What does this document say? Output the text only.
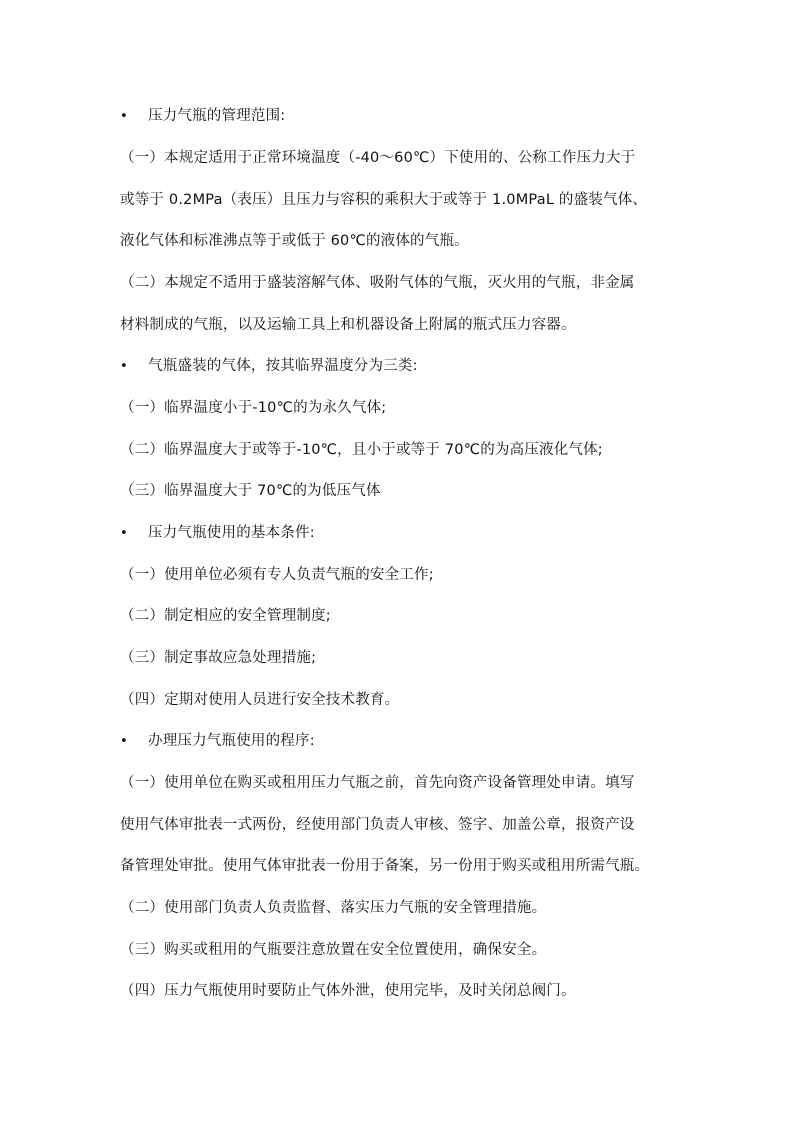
• 压力气瓶的管理范围:
（一）本规定适用于正常环境温度（-40～60℃）下使用的、公称工作压力大于
或等于 0.2MPa（表压）且压力与容积的乘积大于或等于 1.0MPaL 的盛装气体、
液化气体和标准沸点等于或低于 60℃的液体的气瓶。
（二）本规定不适用于盛装溶解气体、吸附气体的气瓶，灭火用的气瓶，非金属
材料制成的气瓶，以及运输工具上和机器设备上附属的瓶式压力容器。
• 气瓶盛装的气体，按其临界温度分为三类:
（一）临界温度小于-10℃的为永久气体;
（二）临界温度大于或等于-10℃，且小于或等于 70℃的为高压液化气体;
（三）临界温度大于 70℃的为低压气体
• 压力气瓶使用的基本条件:
（一）使用单位必须有专人负责气瓶的安全工作;
（二）制定相应的安全管理制度;
（三）制定事故应急处理措施;
（四）定期对使用人员进行安全技术教育。
• 办理压力气瓶使用的程序:
（一）使用单位在购买或租用压力气瓶之前，首先向资产设备管理处申请。填写
使用气体审批表一式两份，经使用部门负责人审核、签字、加盖公章，报资产设
备管理处审批。使用气体审批表一份用于备案，另一份用于购买或租用所需气瓶。
（二）使用部门负责人负责监督、落实压力气瓶的安全管理措施。
（三）购买或租用的气瓶要注意放置在安全位置使用，确保安全。
（四）压力气瓶使用时要防止气体外泄，使用完毕，及时关闭总阀门。
